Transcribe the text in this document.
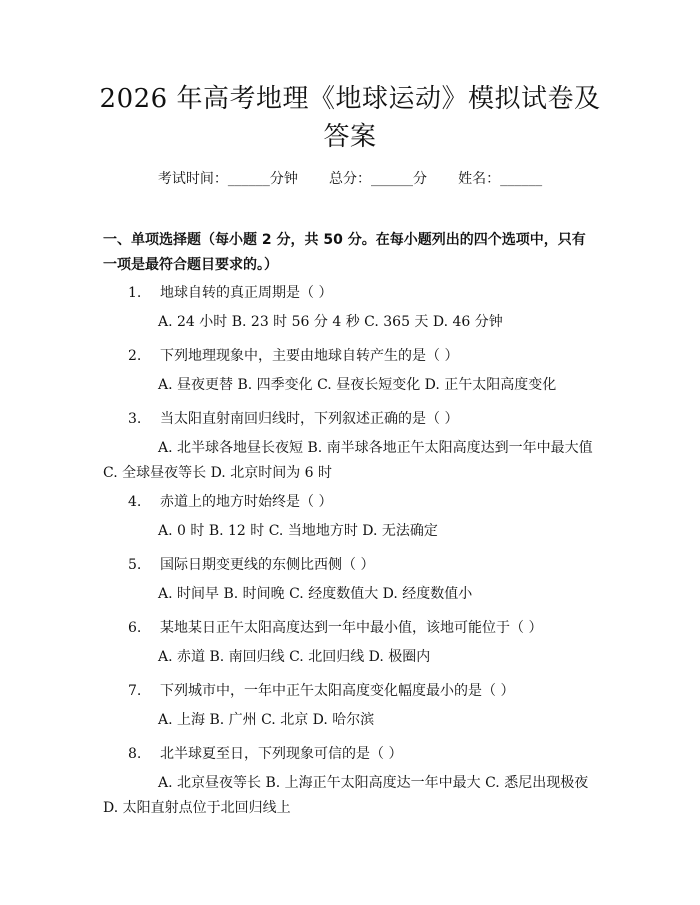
2026 年高考地理《地球运动》模拟试卷及答案
考试时间：______分钟 总分：______分 姓名：______
一、单项选择题（每小题 2 分，共 50 分。在每小题列出的四个选项中，只有一项是最符合题目要求的。）
1. 地球自转的真正周期是（ ）
A. 24 小时 B. 23 时 56 分 4 秒 C. 365 天 D. 46 分钟
2. 下列地理现象中，主要由地球自转产生的是（ ）
A. 昼夜更替 B. 四季变化 C. 昼夜长短变化 D. 正午太阳高度变化
3. 当太阳直射南回归线时，下列叙述正确的是（ ）
A. 北半球各地昼长夜短 B. 南半球各地正午太阳高度达到一年中最大值 C. 全球昼夜等长 D. 北京时间为 6 时
4. 赤道上的地方时始终是（ ）
A. 0 时 B. 12 时 C. 当地地方时 D. 无法确定
5. 国际日期变更线的东侧比西侧（ ）
A. 时间早 B. 时间晚 C. 经度数值大 D. 经度数值小
6. 某地某日正午太阳高度达到一年中最小值，该地可能位于（ ）
A. 赤道 B. 南回归线 C. 北回归线 D. 极圈内
7. 下列城市中，一年中正午太阳高度变化幅度最小的是（ ）
A. 上海 B. 广州 C. 北京 D. 哈尔滨
8. 北半球夏至日，下列现象可信的是（ ）
A. 北京昼夜等长 B. 上海正午太阳高度达一年中最大 C. 悉尼出现极夜 D. 太阳直射点位于北回归线上
